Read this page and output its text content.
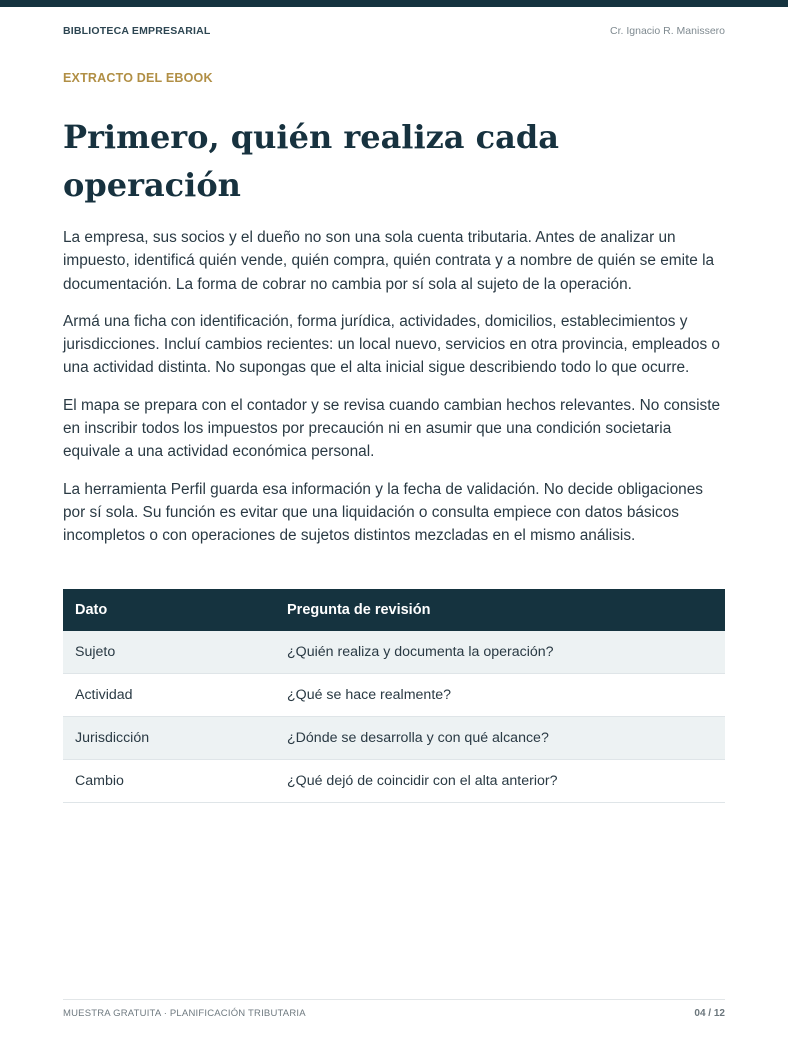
BIBLIOTECA EMPRESARIAL	Cr. Ignacio R. Manissero
EXTRACTO DEL EBOOK
Primero, quién realiza cada operación

La empresa, sus socios y el dueño no son una sola cuenta tributaria. Antes de analizar un impuesto, identificá quién vende, quién compra, quién contrata y a nombre de quién se emite la documentación. La forma de cobrar no cambia por sí sola al sujeto de la operación.

Armá una ficha con identificación, forma jurídica, actividades, domicilios, establecimientos y jurisdicciones. Incluí cambios recientes: un local nuevo, servicios en otra provincia, empleados o una actividad distinta. No supongas que el alta inicial sigue describiendo todo lo que ocurre.

El mapa se prepara con el contador y se revisa cuando cambian hechos relevantes. No consiste en inscribir todos los impuestos por precaución ni en asumir que una condición societaria equivale a una actividad económica personal.

La herramienta Perfil guarda esa información y la fecha de validación. No decide obligaciones por sí sola. Su función es evitar que una liquidación o consulta empiece con datos básicos incompletos o con operaciones de sujetos distintos mezcladas en el mismo análisis.

Dato	Pregunta de revisión
Sujeto	¿Quién realiza y documenta la operación?
Actividad	¿Qué se hace realmente?
Jurisdicción	¿Dónde se desarrolla y con qué alcance?
Cambio	¿Qué dejó de coincidir con el alta anterior?
MUESTRA GRATUITA · PLANIFICACIÓN TRIBUTARIA	04 / 12
